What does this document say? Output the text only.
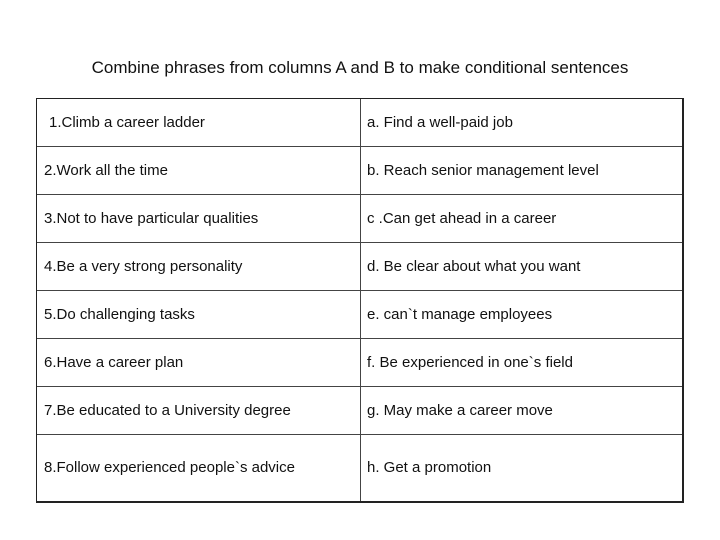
Combine phrases from columns A and B to make conditional sentences
1.Climb a career ladder	a. Find a well-paid job
2.Work all the time	b. Reach senior management level
3.Not to have particular qualities	c .Can get ahead in a career
4.Be a very strong personality	d. Be clear about what you want
5.Do challenging tasks	e. can`t manage employees
6.Have a career plan	f. Be experienced in one`s field
7.Be educated to a University degree	g. May make a career move
8.Follow experienced people`s advice	h. Get a promotion
